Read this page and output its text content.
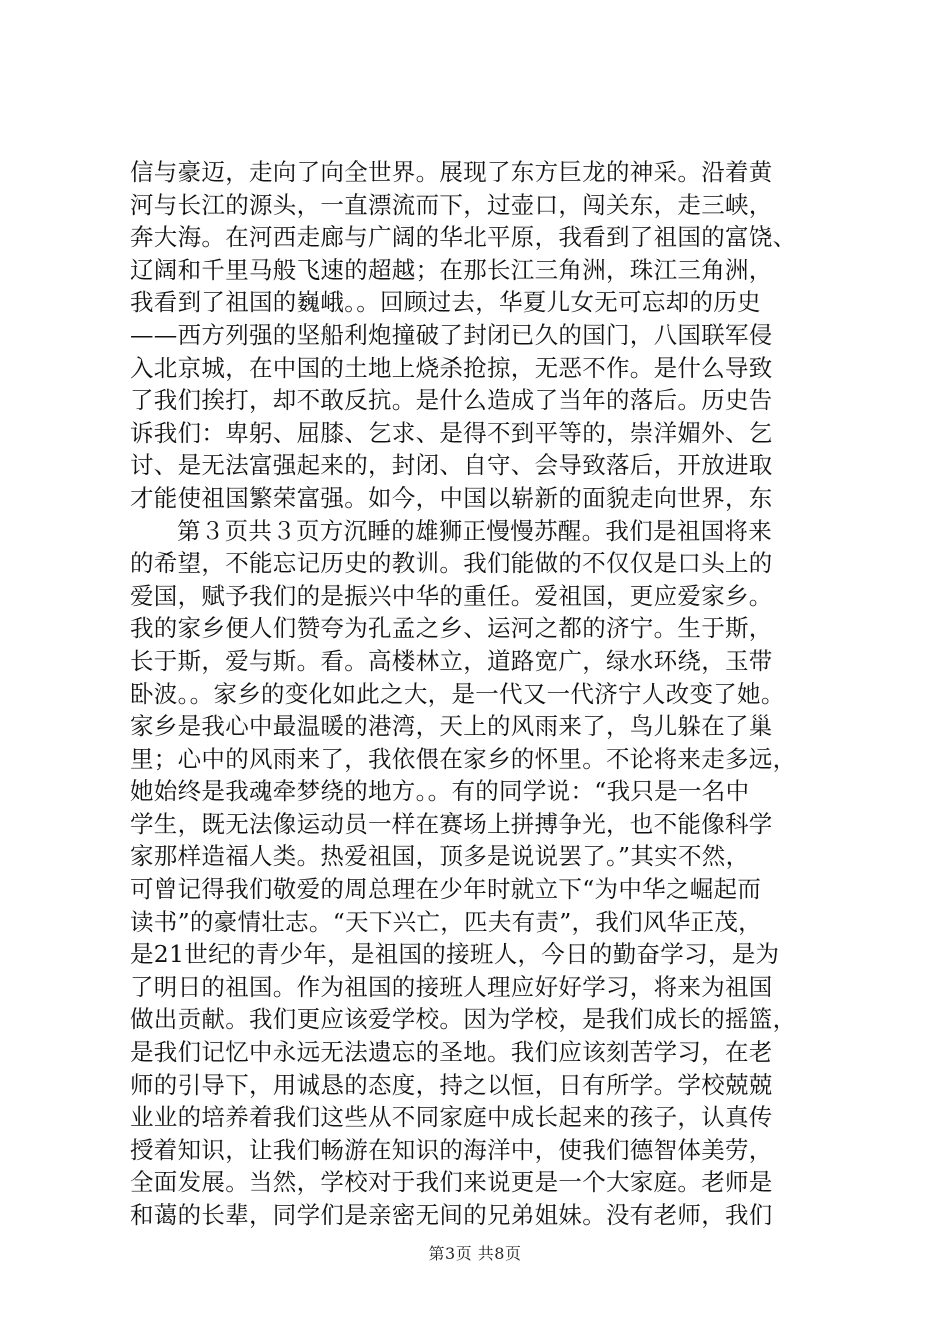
信与豪迈，走向了向全世界。展现了东方巨龙的神采。沿着黄
河与长江的源头，一直漂流而下，过壶口，闯关东，走三峡，
奔大海。在河西走廊与广阔的华北平原，我看到了祖国的富饶、
辽阔和千里马般飞速的超越；在那长江三角洲，珠江三角洲，
我看到了祖国的巍峨。。回顾过去，华夏儿女无可忘却的历史
——西方列强的坚船利炮撞破了封闭已久的国门，八国联军侵
入北京城，在中国的土地上烧杀抢掠，无恶不作。是什么导致
了我们挨打，却不敢反抗。是什么造成了当年的落后。历史告
诉我们：卑躬、屈膝、乞求、是得不到平等的，崇洋媚外、乞
讨、是无法富强起来的，封闭、自守、会导致落后，开放进取
才能使祖国繁荣富强。如今，中国以崭新的面貌走向世界，东
第３页共３页方沉睡的雄狮正慢慢苏醒。我们是祖国将来
的希望，不能忘记历史的教训。我们能做的不仅仅是口头上的
爱国，赋予我们的是振兴中华的重任。爱祖国，更应爱家乡。
我的家乡便人们赞夸为孔孟之乡、运河之都的济宁。生于斯，
长于斯，爱与斯。看。高楼林立，道路宽广，绿水环绕，玉带
卧波。。家乡的变化如此之大，是一代又一代济宁人改变了她。
家乡是我心中最温暖的港湾，天上的风雨来了，鸟儿躲在了巢
里；心中的风雨来了，我依偎在家乡的怀里。不论将来走多远，
她始终是我魂牵梦绕的地方。。有的同学说：“我只是一名中
学生，既无法像运动员一样在赛场上拼搏争光，也不能像科学
家那样造福人类。热爱祖国，顶多是说说罢了。”其实不然，
可曾记得我们敬爱的周总理在少年时就立下“为中华之崛起而
读书”的豪情壮志。“天下兴亡，匹夫有责”，我们风华正茂，
是21世纪的青少年，是祖国的接班人，今日的勤奋学习，是为
了明日的祖国。作为祖国的接班人理应好好学习，将来为祖国
做出贡献。我们更应该爱学校。因为学校，是我们成长的摇篮，
是我们记忆中永远无法遗忘的圣地。我们应该刻苦学习，在老
师的引导下，用诚恳的态度，持之以恒，日有所学。学校兢兢
业业的培养着我们这些从不同家庭中成长起来的孩子，认真传
授着知识，让我们畅游在知识的海洋中，使我们德智体美劳，
全面发展。当然，学校对于我们来说更是一个大家庭。老师是
和蔼的长辈，同学们是亲密无间的兄弟姐妹。没有老师，我们
第3页 共8页
